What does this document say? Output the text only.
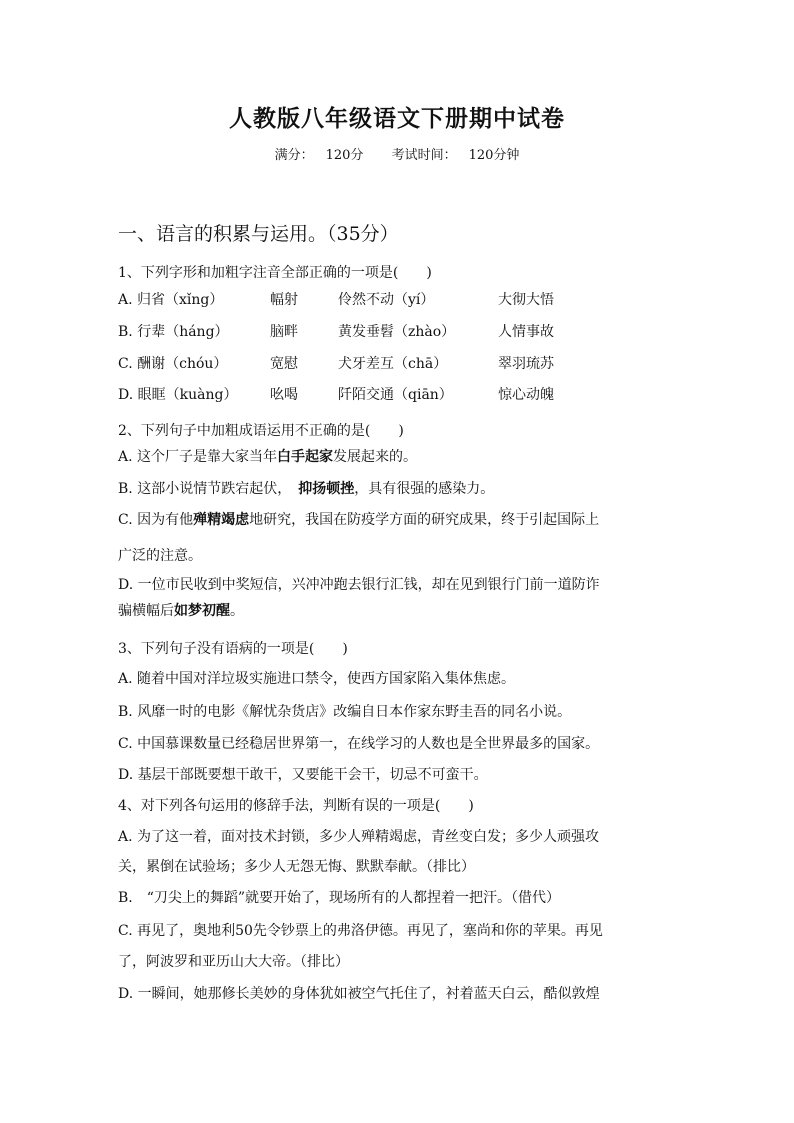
人教版八年级语文下册期中试卷
满分： 120分 考试时间： 120分钟
一、语言的积累与运用。（35分）
1、下列字形和加粗字注音全部正确的一项是(　　)
A. 归省（xǐng）	幅射	伶然不动（yí）	大彻大悟
B. 行辈（háng）	脑畔	黄发垂髫（zhào）	人情事故
C. 酬谢（chóu）	宽慰	犬牙差互（chā）	翠羽琉苏
D. 眼眶（kuàng） 吆喝	阡陌交通（qiān）	惊心动魄
2、下列句子中加粗成语运用不正确的是(　　)
A. 这个厂子是靠大家当年白手起家发展起来的。
B. 这部小说情节跌宕起伏，　抑扬顿挫，具有很强的感染力。
C. 因为有他殚精竭虑地研究，我国在防疫学方面的研究成果，终于引起国际上
广泛的注意。
D. 一位市民收到中奖短信，兴冲冲跑去银行汇钱，却在见到银行门前一道防诈
骗横幅后如梦初醒。
3、下列句子没有语病的一项是(　　)
A. 随着中国对洋垃圾实施进口禁令，使西方国家陷入集体焦虑。
B. 风靡一时的电影《解忧杂货店》改编自日本作家东野圭吾的同名小说。
C. 中国慕课数量已经稳居世界第一，在线学习的人数也是全世界最多的国家。
D. 基层干部既要想干敢干，又要能干会干，切忌不可蛮干。
4、对下列各句运用的修辞手法，判断有误的一项是(　　)
A. 为了这一着，面对技术封锁，多少人殚精竭虑，青丝变白发；多少人顽强攻
关，累倒在试验场；多少人无怨无悔、默默奉献。（排比）
B.　“刀尖上的舞蹈”就要开始了，现场所有的人都捏着一把汗。（借代）
C. 再见了，奥地利50先令钞票上的弗洛伊德。再见了，塞尚和你的苹果。再见
了，阿波罗和亚历山大大帝。（排比）
D. 一瞬间，她那修长美妙的身体犹如被空气托住了，衬着蓝天白云，酷似敦煌
